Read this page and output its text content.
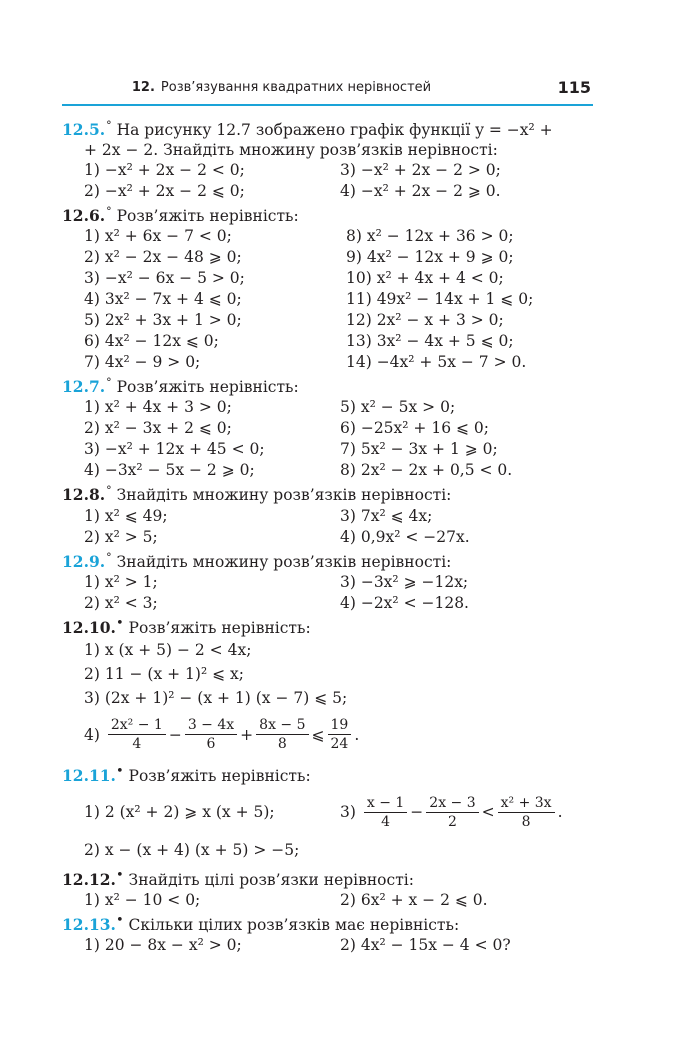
12. Розв’язування квадратних нерівностей	115
12.5.° На рисунку 12.7 зображено графік функції y = −x² +
+ 2x − 2. Знайдіть множину розв’язків нерівності:
1) −x² + 2x − 2 < 0;	3) −x² + 2x − 2 > 0;
2) −x² + 2x − 2 ⩽ 0;	4) −x² + 2x − 2 ⩾ 0.
12.6.° Розв’яжіть нерівність:
1) x² + 6x − 7 < 0;	8) x² − 12x + 36 > 0;
2) x² − 2x − 48 ⩾ 0;	9) 4x² − 12x + 9 ⩾ 0;
3) −x² − 6x − 5 > 0;	10) x² + 4x + 4 < 0;
4) 3x² − 7x + 4 ⩽ 0;	11) 49x² − 14x + 1 ⩽ 0;
5) 2x² + 3x + 1 > 0;	12) 2x² − x + 3 > 0;
6) 4x² − 12x ⩽ 0;	13) 3x² − 4x + 5 ⩽ 0;
7) 4x² − 9 > 0;	14) −4x² + 5x − 7 > 0.
12.7.° Розв’яжіть нерівність:
1) x² + 4x + 3 > 0;	5) x² − 5x > 0;
2) x² − 3x + 2 ⩽ 0;	6) −25x² + 16 ⩽ 0;
3) −x² + 12x + 45 < 0;	7) 5x² − 3x + 1 ⩾ 0;
4) −3x² − 5x − 2 ⩾ 0;	8) 2x² − 2x + 0,5 < 0.
12.8.° Знайдіть множину розв’язків нерівності:
1) x² ⩽ 49;	3) 7x² ⩽ 4x;
2) x² > 5;	4) 0,9x² < −27x.
12.9.° Знайдіть множину розв’язків нерівності:
1) x² > 1;	3) −3x² ⩾ −12x;
2) x² < 3;	4) −2x² < −128.
12.10.• Розв’яжіть нерівність:
1) x (x + 5) − 2 < 4x;
2) 11 − (x + 1)² ⩽ x;
3) (2x + 1)² − (x + 1) (x − 7) ⩽ 5;
4)
$\frac{\text{2x² − 1}}{4} - \frac{3 - 4x}{6} + \frac{8x - 5}{8}$ ⩽ $\frac{19}{24}$ .
12.11.• Розв’яжіть нерівність:
1) 2 (x² + 2) ⩾ x (x + 5);	3)
$\frac{x - 1}{4} - \frac{2x - 3}{2} < \frac{\text{x² + 3x}}{8}$ .
2) x − (x + 4) (x + 5) > −5;
12.12.• Знайдіть цілі розв’язки нерівності:
1) x² − 10 < 0;	2) 6x² + x − 2 ⩽ 0.
12.13.• Скільки цілих розв’язків має нерівність:
1) 20 − 8x − x² > 0;	2) 4x² − 15x − 4 < 0?
